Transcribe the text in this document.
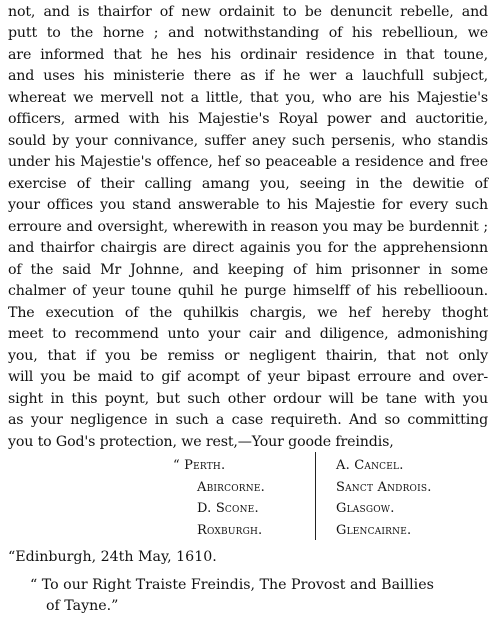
not, and is thairfor of new ordainit to be denuncit rebelle, and
putt to the horne ; and notwithstanding of his rebellioun, we
are informed that he hes his ordinair residence in that toune,
and uses his ministerie there as if he wer a lauchfull subject,
whereat we mervell not a little, that you, who are his Majestie's
officers, armed with his Majestie's Royal power and auctoritie,
sould by your connivance, suffer aney such persenis, who standis
under his Majestie's offence, hef so peaceable a residence and free
exercise of their calling amang you, seeing in the dewitie of
your offices you stand answerable to his Majestie for every such
erroure and oversight, wherewith in reason you may be burdennit ;
and thairfor chairgis are direct againis you for the apprehensionn
of the said Mr Johnne, and keeping of him prisonner in some
chalmer of yeur toune quhil he purge himselff of his rebelliooun.
The execution of the quhilkis chargis, we hef hereby thoght
meet to recommend unto your cair and diligence, admonishing
you, that if you be remiss or negligent thairin, that not only
will you be maid to gif acompt of yeur bipast erroure and over-
sight in this poynt, but such other ordour will be tane with you
as your negligence in such a case requireth. And so committing
you to God's protection, we rest,—Your goode freindis,
“ Perth.
Abircorne.
D. Scone.
Roxburgh.
A. Cancel.
Sanct Androis.
Glasgow.
Glencairne.
“Edinburgh, 24th May, 1610.
“ To our Right Traiste Freindis, The Provost and Baillies
of Tayne.”
